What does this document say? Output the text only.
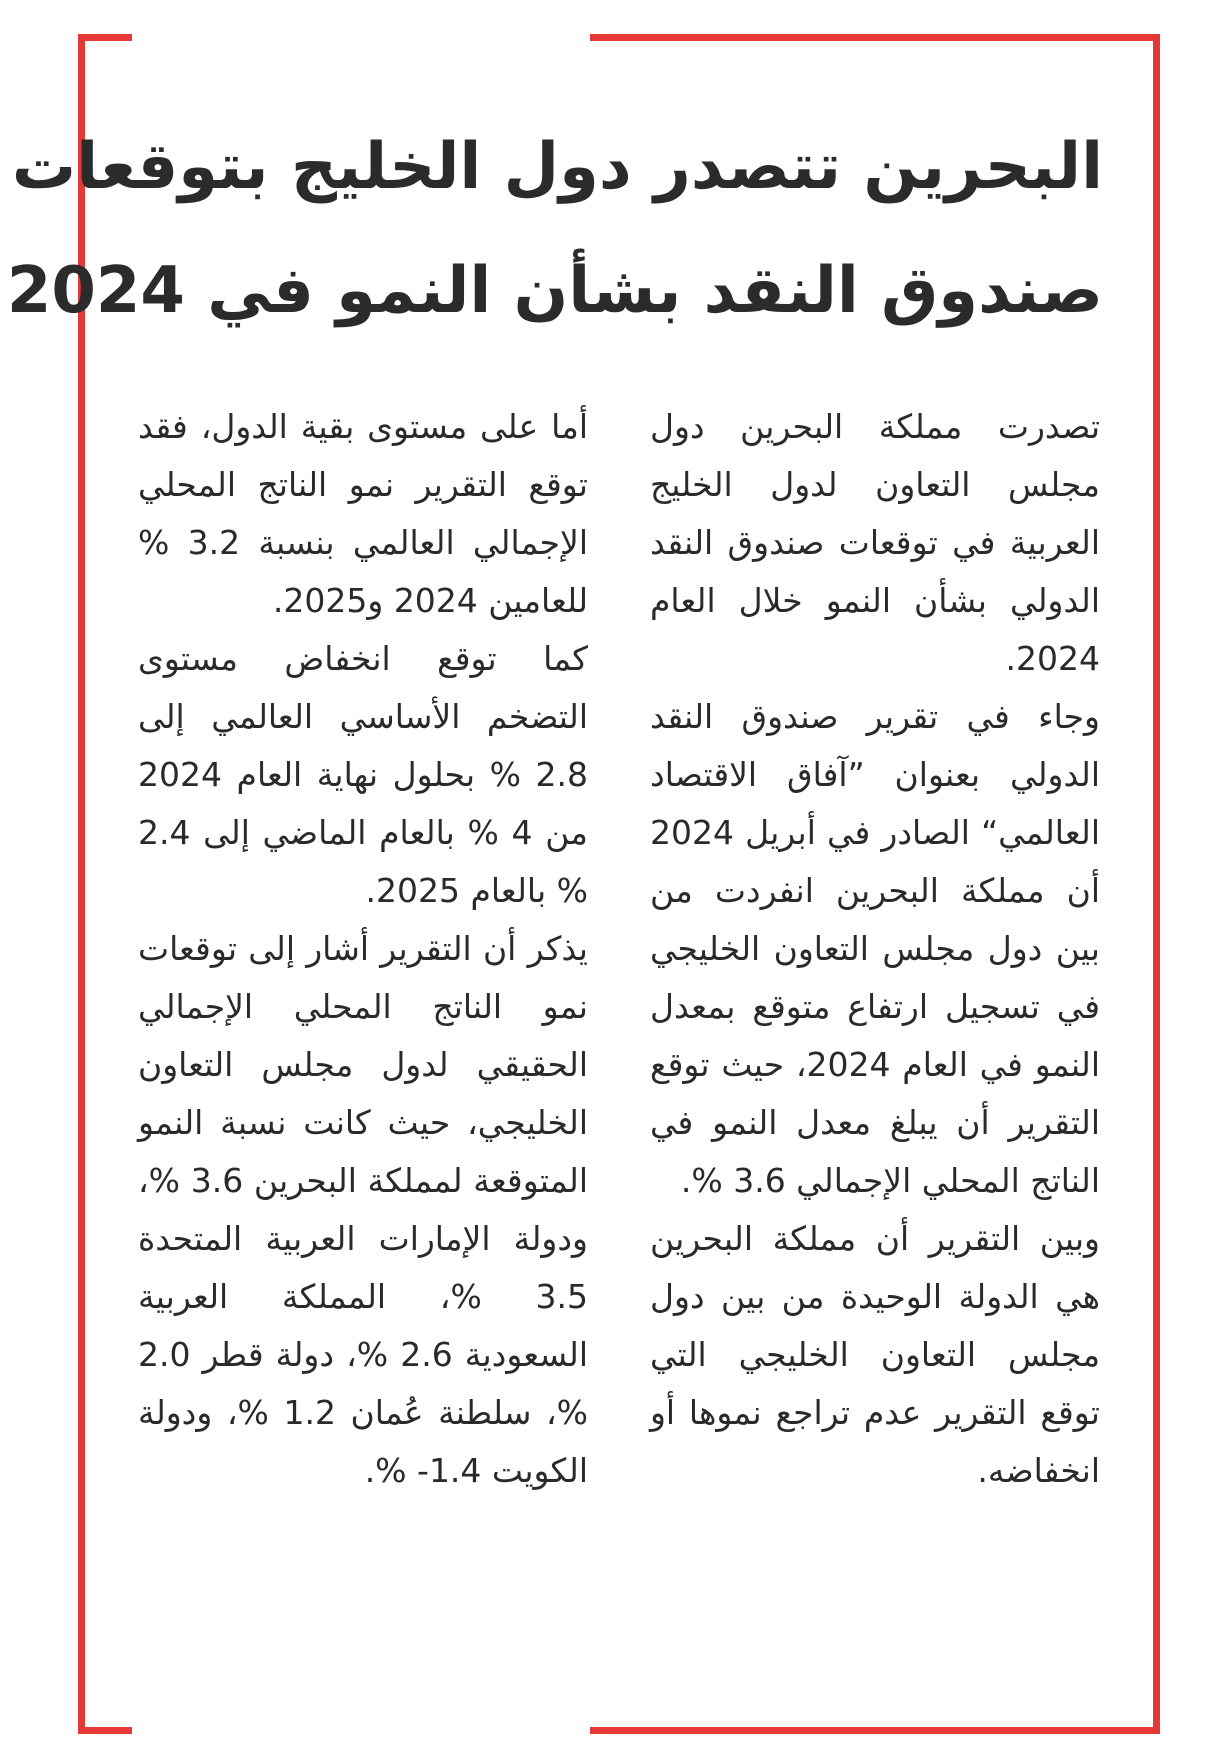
البحرين تتصدر دول الخليج بتوقعات
صندوق النقد بشأن النمو في 2024

تصدرت مملكة البحرين دول مجلس التعاون لدول الخليج العربية في توقعات صندوق النقد الدولي بشأن النمو خلال العام 2024.

وجاء في تقرير صندوق النقد الدولي بعنوان ”آفاق الاقتصاد العالمي“ الصادر في أبريل 2024 أن مملكة البحرين انفردت من بين دول مجلس التعاون الخليجي في تسجيل ارتفاع متوقع بمعدل النمو في العام 2024، حيث توقع التقرير أن يبلغ معدل النمو في الناتج المحلي الإجمالي 3.6 %.

وبين التقرير أن مملكة البحرين هي الدولة الوحيدة من بين دول مجلس التعاون الخليجي التي توقع التقرير عدم تراجع نموها أو انخفاضه.

أما على مستوى بقية الدول، فقد توقع التقرير نمو الناتج المحلي الإجمالي العالمي بنسبة 3.2 % للعامين 2024 و2025.

كما توقع انخفاض مستوى التضخم الأساسي العالمي إلى 2.8 % بحلول نهاية العام 2024 من 4 % بالعام الماضي إلى 2.4 % بالعام 2025.

يذكر أن التقرير أشار إلى توقعات نمو الناتج المحلي الإجمالي الحقيقي لدول مجلس التعاون الخليجي، حيث كانت نسبة النمو المتوقعة لمملكة البحرين 3.6 %، ودولة الإمارات العربية المتحدة 3.5 %، المملكة العربية السعودية 2.6 %، دولة قطر 2.0 %، سلطنة عُمان 1.2 %، ودولة الكويت 1.4- %.
